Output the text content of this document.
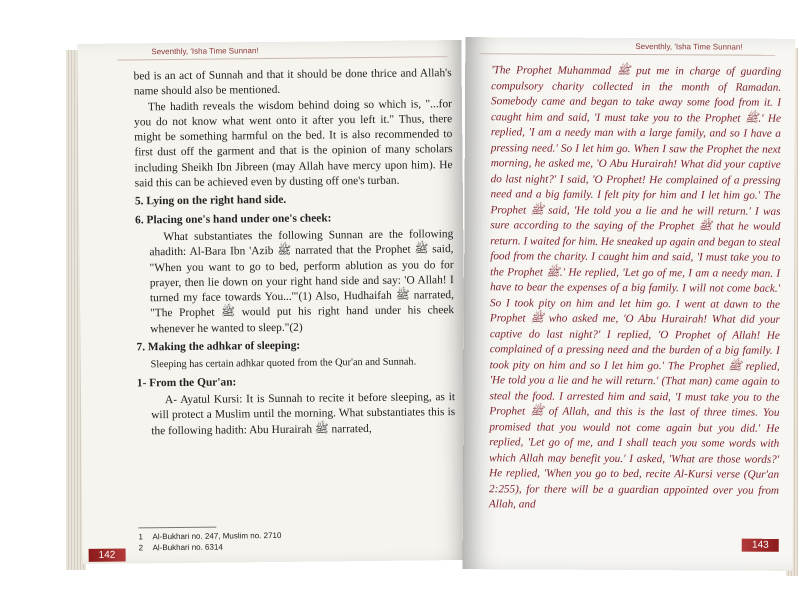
Seventhly, 'Isha Time Sunnan!

bed is an act of Sunnah and that it should be done thrice and Allah's name should also be mentioned.

The hadith reveals the wisdom behind doing so which is, "...for you do not know what went onto it after you left it." Thus, there might be something harmful on the bed. It is also recommended to first dust off the garment and that is the opinion of many scholars including Sheikh Ibn Jibreen (may Allah have mercy upon him). He said this can be achieved even by dusting off one's turban.

5. Lying on the right hand side.

6. Placing one's hand under one's cheek:

What substantiates the following Sunnan are the following ahadith: Al-Bara Ibn 'Azib ﷺ narrated that the Prophet ﷺ said, "When you want to go to bed, perform ablution as you do for prayer, then lie down on your right hand side and say: 'O Allah! I turned my face towards You...'"(1) Also, Hudhaifah ﷺ narrated, "The Prophet ﷺ would put his right hand under his cheek whenever he wanted to sleep."(2)

7. Making the adhkar of sleeping:

Sleeping has certain adhkar quoted from the Qur'an and Sunnah.

1- From the Qur'an:

A- Ayatul Kursi: It is Sunnah to recite it before sleeping, as it will protect a Muslim until the morning. What substantiates this is the following hadith: Abu Hurairah ﷺ narrated,

1 Al-Bukhari no. 247, Muslim no. 2710
2 Al-Bukhari no. 6314
142
Seventhly, 'Isha Time Sunnan!
'The Prophet Muhammad ﷺ put me in charge of guarding compulsory charity collected in the month of Ramadan. Somebody came and began to take away some food from it. I caught him and said, 'I must take you to the Prophet ﷺ.' He replied, 'I am a needy man with a large family, and so I have a pressing need.' So I let him go. When I saw the Prophet the next morning, he asked me, 'O Abu Hurairah! What did your captive do last night?' I said, 'O Prophet! He complained of a pressing need and a big family. I felt pity for him and I let him go.' The Prophet ﷺ said, 'He told you a lie and he will return.' I was sure according to the saying of the Prophet ﷺ that he would return. I waited for him. He sneaked up again and began to steal food from the charity. I caught him and said, 'I must take you to the Prophet ﷺ.' He replied, 'Let go of me, I am a needy man. I have to bear the expenses of a big family. I will not come back.' So I took pity on him and let him go. I went at dawn to the Prophet ﷺ who asked me, 'O Abu Hurairah! What did your captive do last night?' I replied, 'O Prophet of Allah! He complained of a pressing need and the burden of a big family. I took pity on him and so I let him go.' The Prophet ﷺ replied, 'He told you a lie and he will return.' (That man) came again to steal the food. I arrested him and said, 'I must take you to the Prophet ﷺ of Allah, and this is the last of three times. You promised that you would not come again but you did.' He replied, 'Let go of me, and I shall teach you some words with which Allah may benefit you.' I asked, 'What are those words?' He replied, 'When you go to bed, recite Al-Kursi verse (Qur'an 2:255), for there will be a guardian appointed over you from Allah, and
143
